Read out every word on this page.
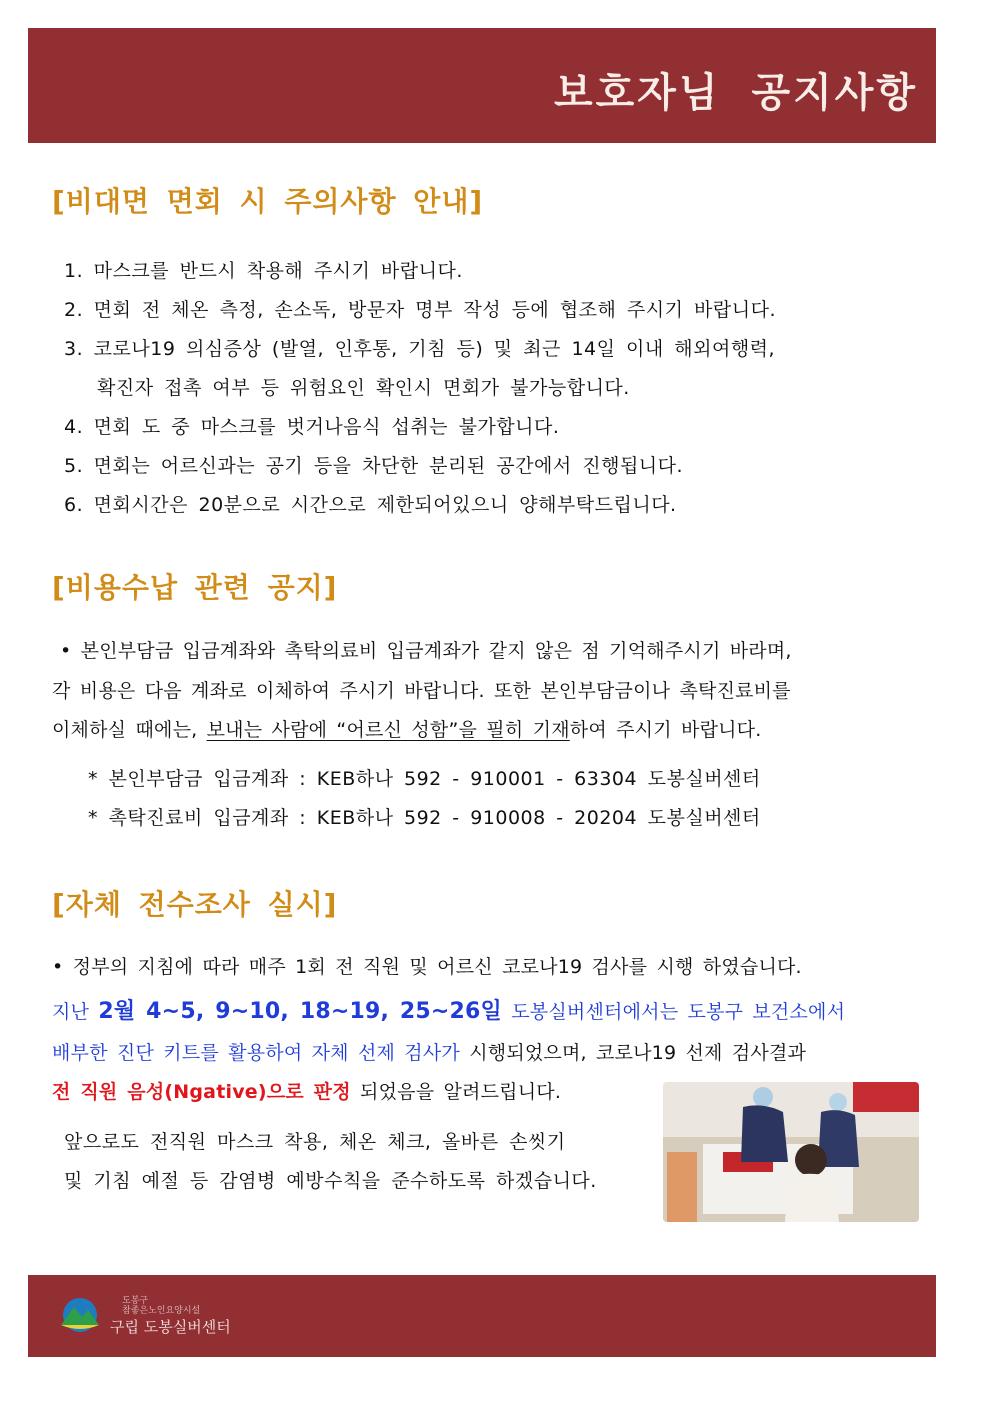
보호자님 공지사항
[비대면 면회 시 주의사항 안내]
1. 마스크를 반드시 착용해 주시기 바랍니다.
2. 면회 전 체온 측정, 손소독, 방문자 명부 작성 등에 협조해 주시기 바랍니다.
3. 코로나19 의심증상 (발열, 인후통, 기침 등) 및 최근 14일 이내 해외여행력,
확진자 접촉 여부 등 위험요인 확인시 면회가 불가능합니다.
4. 면회 도 중 마스크를 벗거나음식 섭취는 불가합니다.
5. 면회는 어르신과는 공기 등을 차단한 분리된 공간에서 진행됩니다.
6. 면회시간은 20분으로 시간으로 제한되어있으니 양해부탁드립니다.
[비용수납 관련 공지]
• 본인부담금 입금계좌와 촉탁의료비 입금계좌가 같지 않은 점 기억해주시기 바라며,
각 비용은 다음 계좌로 이체하여 주시기 바랍니다. 또한 본인부담금이나 촉탁진료비를
이체하실 때에는, 보내는 사람에 “어르신 성함”을 필히 기재하여 주시기 바랍니다.
* 본인부담금 입금계좌 : KEB하나 592 - 910001 - 63304 도봉실버센터
* 촉탁진료비 입금계좌 : KEB하나 592 - 910008 - 20204 도봉실버센터
[자체 전수조사 실시]
• 정부의 지침에 따라 매주 1회 전 직원 및 어르신 코로나19 검사를 시행 하였습니다.
지난 2월 4~5, 9~10, 18~19, 25~26일 도봉실버센터에서는 도봉구 보건소에서
배부한 진단 키트를 활용하여 자체 선제 검사가 시행되었으며, 코로나19 선제 검사결과
전 직원 음성(Ngative)으로 판정 되었음을 알려드립니다.
앞으로도 전직원 마스크 착용, 체온 체크, 올바른 손씻기
및 기침 예절 등 감염병 예방수칙을 준수하도록 하겠습니다.
도봉구
참좋은노인요양시설
구립 도봉실버센터
